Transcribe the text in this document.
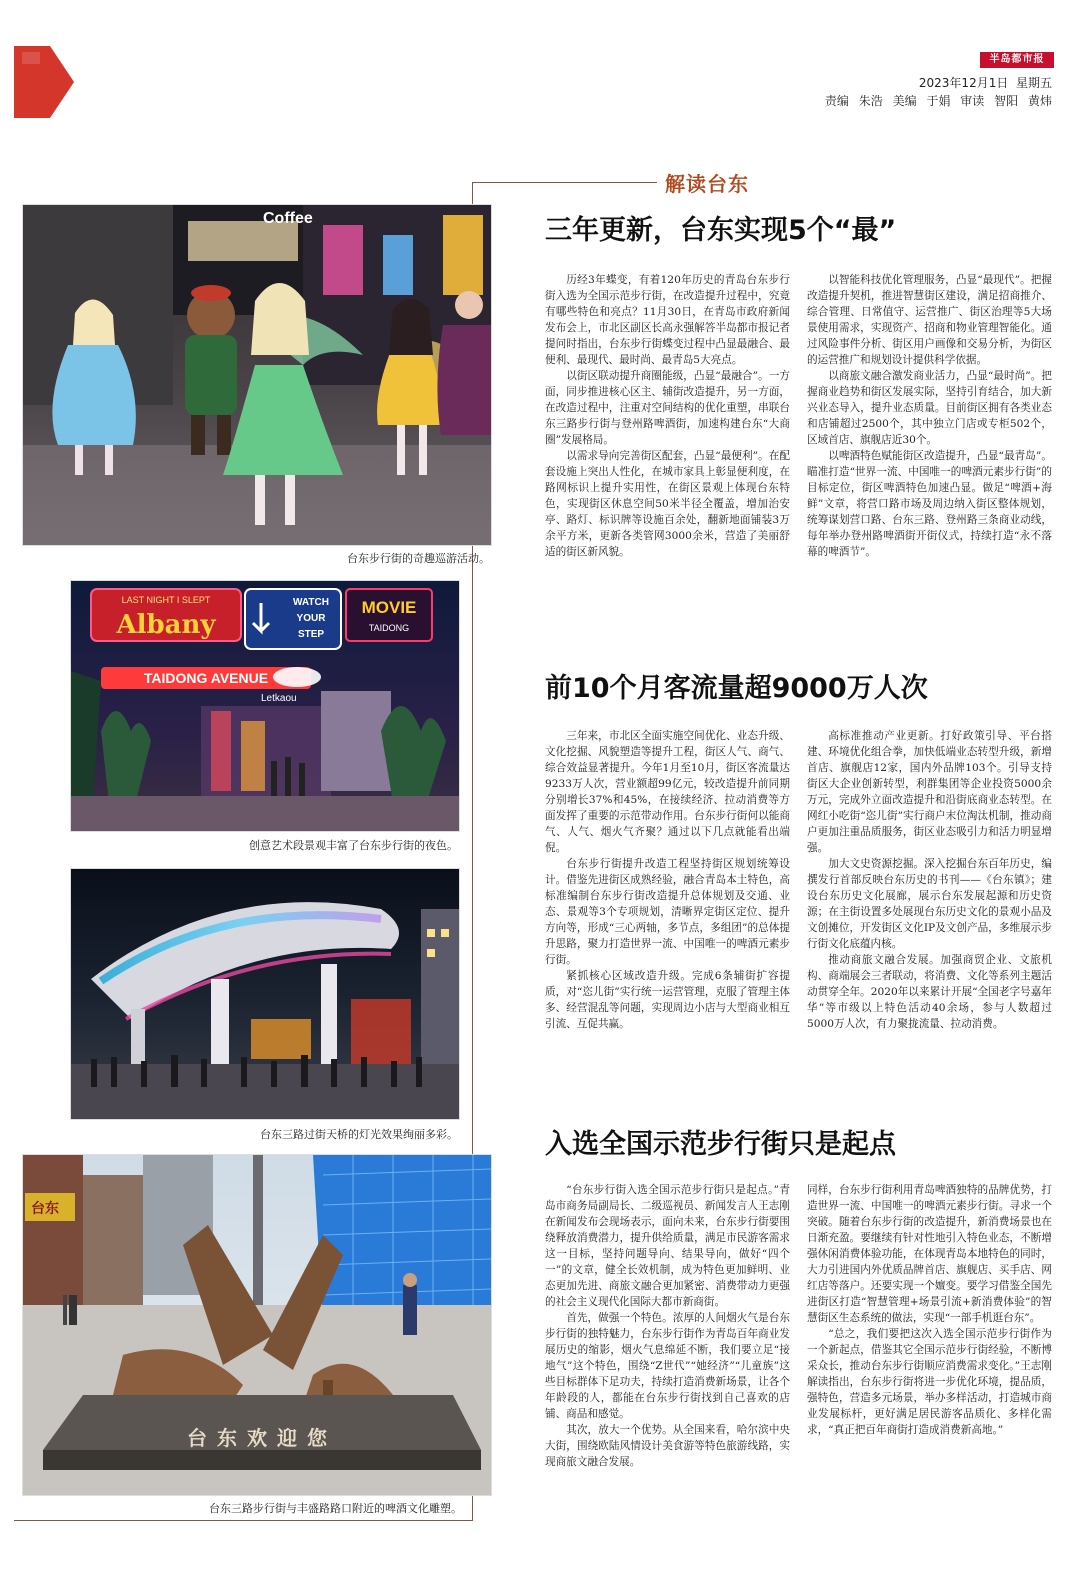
半岛都市报
2023年12月1日 星期五
责编 朱浩 美编 于娟 审读 智阳 黄炜
解读台东
Coffee
台东步行街的奇趣巡游活动。
LAST NIGHT I SLEPT
Albany
WATCH
YOUR
STEP
MOVIE
TAIDONG
TAIDONG AVENUE
Letkaou
创意艺术段景观丰富了台东步行街的夜色。
台东三路过街天桥的灯光效果绚丽多彩。
台东
台东欢迎您
台东三路步行街与丰盛路路口附近的啤酒文化雕塑。
三年更新，台东实现5个“最”

历经3年蝶变，有着120年历史的青岛台东步行街入选为全国示范步行街，在改造提升过程中，究竟有哪些特色和亮点？11月30日，在青岛市政府新闻发布会上，市北区副区长高永强解答半岛都市报记者提问时指出，台东步行街蝶变过程中凸显最融合、最便利、最现代、最时尚、最青岛5大亮点。

以街区联动提升商圈能级，凸显“最融合”。一方面，同步推进核心区主、辅街改造提升，另一方面，在改造过程中，注重对空间结构的优化重塑，串联台东三路步行街与登州路啤酒街，加速构建台东“大商圈”发展格局。

以需求导向完善街区配套，凸显“最便利”。在配套设施上突出人性化，在城市家具上彰显便利度，在路网标识上提升实用性，在街区景观上体现台东特色，实现街区休息空间50米半径全覆盖，增加治安亭、路灯、标识牌等设施百余处，翻新地面铺装3万余平方米，更新各类管网3000余米，营造了美丽舒适的街区新风貌。

以智能科技优化管理服务，凸显“最现代”。把握改造提升契机，推进智慧街区建设，满足招商推介、综合管理、日常值守、运营推广、街区治理等5大场景使用需求，实现资产、招商和物业管理智能化。通过风险事件分析、街区用户画像和交易分析，为街区的运营推广和规划设计提供科学依据。

以商旅文融合激发商业活力，凸显“最时尚”。把握商业趋势和街区发展实际，坚持引育结合，加大新兴业态导入，提升业态质量。目前街区拥有各类业态和店铺超过2500个，其中独立门店或专柜502个，区域首店、旗舰店近30个。

以啤酒特色赋能街区改造提升，凸显“最青岛”。瞄准打造“世界一流、中国唯一的啤酒元素步行街”的目标定位，街区啤酒特色加速凸显。做足“啤酒+海鲜”文章，将营口路市场及周边纳入街区整体规划，统筹谋划营口路、台东三路、登州路三条商业动线，每年举办登州路啤酒街开街仪式，持续打造“永不落幕的啤酒节”。

前10个月客流量超9000万人次

三年来，市北区全面实施空间优化、业态升级、文化挖掘、风貌塑造等提升工程，街区人气、商气、综合效益显著提升。今年1月至10月，街区客流量达9233万人次，营业额超99亿元，较改造提升前同期分别增长37%和45%，在接续经济、拉动消费等方面发挥了重要的示范带动作用。台东步行街何以能商气、人气、烟火气齐聚？通过以下几点就能看出端倪。

台东步行街提升改造工程坚持街区规划统筹设计。借鉴先进街区成熟经验，融合青岛本土特色，高标准编制台东步行街改造提升总体规划及交通、业态、景观等3个专项规划，清晰界定街区定位、提升方向等，形成“三心两轴，多节点，多组团”的总体提升思路，聚力打造世界一流、中国唯一的啤酒元素步行街。

紧抓核心区域改造升级。完成6条辅街扩容提质，对“恣儿街”实行统一运营管理，克服了管理主体多、经营混乱等问题，实现周边小店与大型商业相互引流、互促共赢。

高标准推动产业更新。打好政策引导、平台搭建、环境优化组合拳，加快低端业态转型升级，新增首店、旗舰店12家，国内外品牌103个。引导支持街区大企业创新转型，利群集团等企业投资5000余万元，完成外立面改造提升和沿街底商业态转型。在网红小吃街“恣儿街”实行商户末位淘汰机制，推动商户更加注重品质服务，街区业态吸引力和活力明显增强。

加大文史资源挖掘。深入挖掘台东百年历史，编撰发行首部反映台东历史的书刊——《台东镇》；建设台东历史文化展廊，展示台东发展起源和历史资源；在主街设置多处展现台东历史文化的景观小品及文创摊位，开发街区文化IP及文创产品，多维展示步行街文化底蕴内核。

推动商旅文融合发展。加强商贸企业、文旅机构、商端展会三者联动，将消费、文化等系列主题活动贯穿全年。2020年以来累计开展“全国老字号嘉年华”等市级以上特色活动40余场，参与人数超过5000万人次，有力聚拢流量、拉动消费。

入选全国示范步行街只是起点

“台东步行街入选全国示范步行街只是起点。”青岛市商务局副局长、二级巡视员、新闻发言人王志刚在新闻发布会现场表示，面向未来，台东步行街要围绕释放消费潜力，提升供给质量，满足市民游客需求这一目标，坚持问题导向、结果导向，做好“四个一”的文章，健全长效机制，成为特色更加鲜明、业态更加先进、商旅文融合更加紧密、消费带动力更强的社会主义现代化国际大都市新商街。

首先，做强一个特色。浓厚的人间烟火气是台东步行街的独特魅力，台东步行街作为青岛百年商业发展历史的缩影，烟火气息绵延不断，我们要立足“接地气”这个特色，围绕“Z世代”“她经济”“儿童族”这些目标群体下足功夫，持续打造消费新场景，让各个年龄段的人，都能在台东步行街找到自己喜欢的店铺、商品和感觉。

其次，放大一个优势。从全国来看，哈尔滨中央大街，围绕欧陆风情设计美食游等特色旅游线路，实现商旅文融合发展。

同样，台东步行街利用青岛啤酒独特的品牌优势，打造世界一流、中国唯一的啤酒元素步行街。寻求一个突破。随着台东步行街的改造提升，新消费场景也在日渐充盈。要继续有针对性地引入特色业态，不断增强休闲消费体验功能，在体现青岛本地特色的同时，大力引进国内外优质品牌首店、旗舰店、买手店、网红店等落户。还要实现一个嬗变。要学习借鉴全国先进街区打造“智慧管理+场景引流+新消费体验”的智慧街区生态系统的做法，实现“一部手机逛台东”。

“总之，我们要把这次入选全国示范步行街作为一个新起点，借鉴其它全国示范步行街经验，不断博采众长，推动台东步行街顺应消费需求变化。”王志刚解读指出，台东步行街将进一步优化环境，提品质，强特色，营造多元场景，举办多样活动，打造城市商业发展标杆，更好满足居民游客品质化、多样化需求，“真正把百年商街打造成消费新高地。”
